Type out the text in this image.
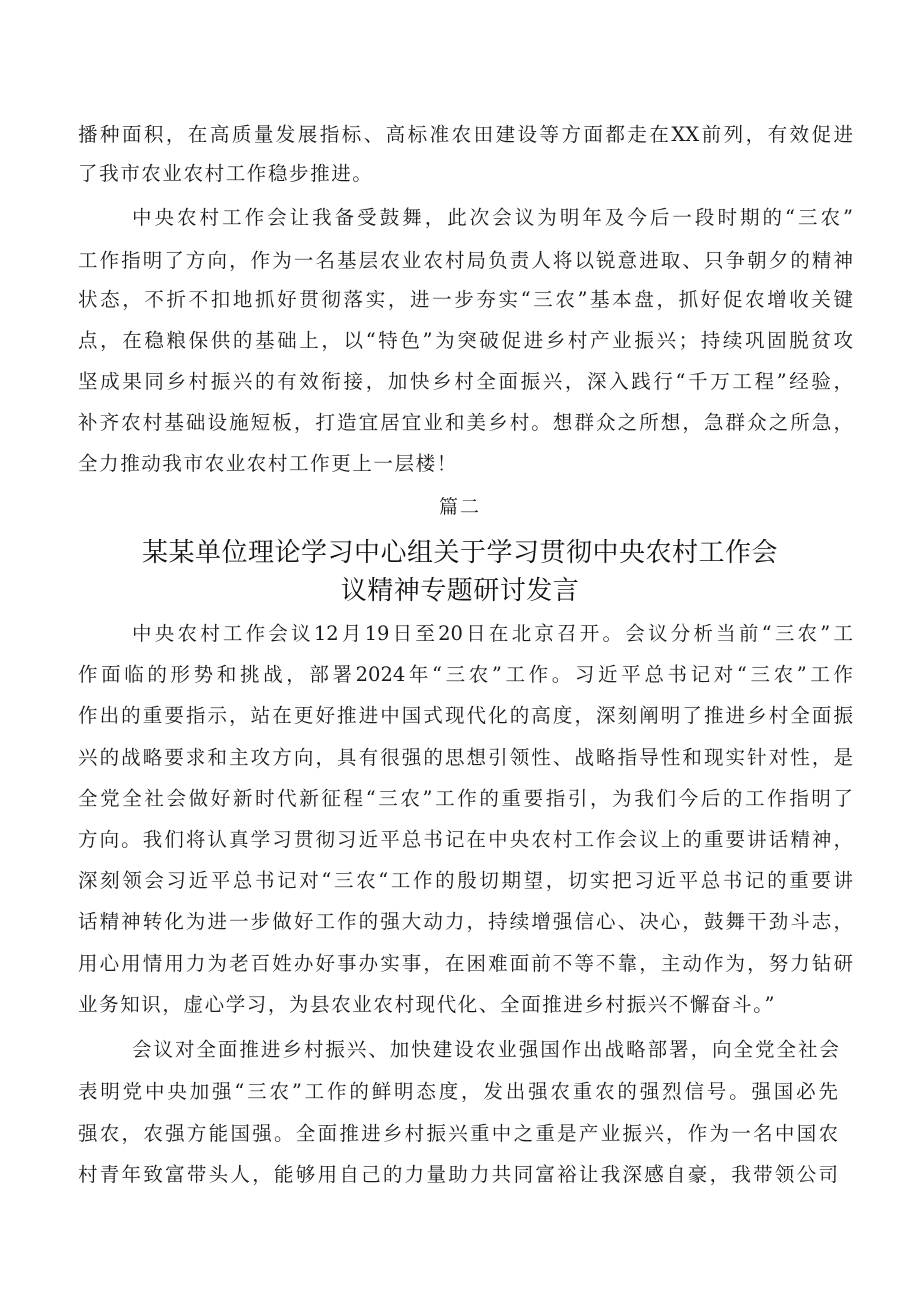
播种面积，在高质量发展指标、高标准农田建设等方面都走在XX前列，有效促进
了我市农业农村工作稳步推进。
中央农村工作会让我备受鼓舞，此次会议为明年及今后一段时期的“三农”
工作指明了方向，作为一名基层农业农村局负责人将以锐意进取、只争朝夕的精神
状态，不折不扣地抓好贯彻落实，进一步夯实“三农”基本盘，抓好促农增收关键
点，在稳粮保供的基础上，以“特色”为突破促进乡村产业振兴；持续巩固脱贫攻
坚成果同乡村振兴的有效衔接，加快乡村全面振兴，深入践行“千万工程”经验，
补齐农村基础设施短板，打造宜居宜业和美乡村。想群众之所想，急群众之所急，
全力推动我市农业农村工作更上一层楼！
篇二
某某单位理论学习中心组关于学习贯彻中央农村工作会
议精神专题研讨发言
中央农村工作会议12月19日至20日在北京召开。会议分析当前“三农”工
作面临的形势和挑战，部署2024年“三农”工作。习近平总书记对“三农”工作
作出的重要指示，站在更好推进中国式现代化的高度，深刻阐明了推进乡村全面振
兴的战略要求和主攻方向，具有很强的思想引领性、战略指导性和现实针对性，是
全党全社会做好新时代新征程“三农”工作的重要指引，为我们今后的工作指明了
方向。我们将认真学习贯彻习近平总书记在中央农村工作会议上的重要讲话精神，
深刻领会习近平总书记对“三农“工作的殷切期望，切实把习近平总书记的重要讲
话精神转化为进一步做好工作的强大动力，持续增强信心、决心，鼓舞干劲斗志，
用心用情用力为老百姓办好事办实事，在困难面前不等不靠，主动作为，努力钻研
业务知识，虚心学习，为县农业农村现代化、全面推进乡村振兴不懈奋斗。”
会议对全面推进乡村振兴、加快建设农业强国作出战略部署，向全党全社会
表明党中央加强“三农”工作的鲜明态度，发出强农重农的强烈信号。强国必先
强农，农强方能国强。全面推进乡村振兴重中之重是产业振兴，作为一名中国农
村青年致富带头人，能够用自己的力量助力共同富裕让我深感自豪，我带领公司
